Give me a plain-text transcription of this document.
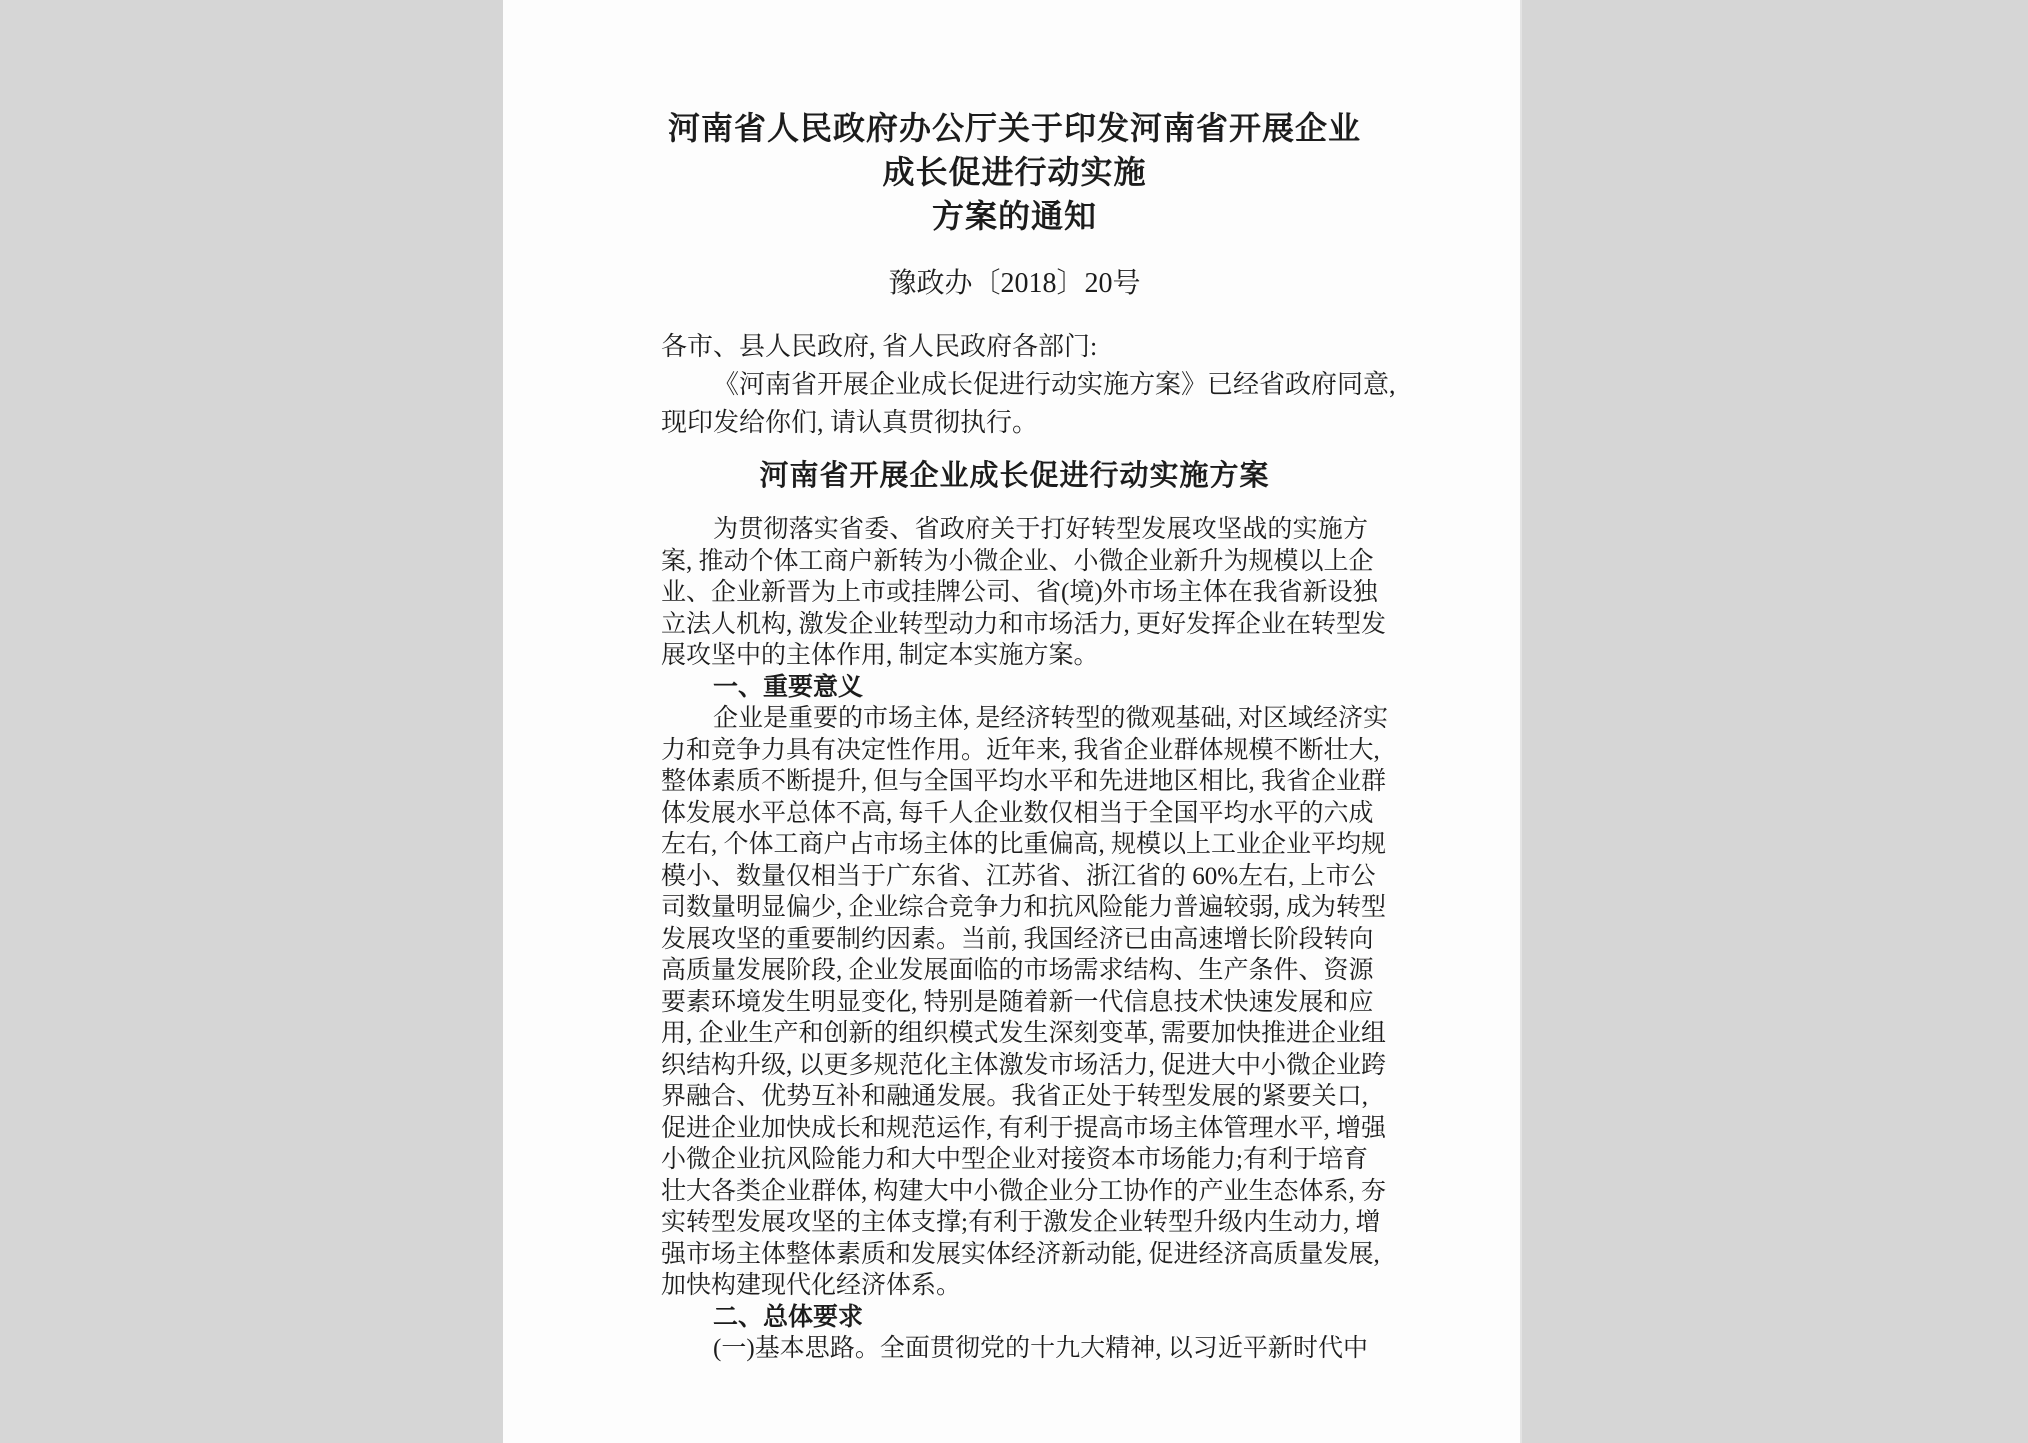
河南省人民政府办公厅关于印发河南省开展企业成长促进行动实施
方案的通知
豫政办〔2018〕20号
各市、县人民政府, 省人民政府各部门:
《河南省开展企业成长促进行动实施方案》已经省政府同意,
现印发给你们, 请认真贯彻执行。
河南省开展企业成长促进行动实施方案
为贯彻落实省委、省政府关于打好转型发展攻坚战的实施方
案, 推动个体工商户新转为小微企业、小微企业新升为规模以上企
业、企业新晋为上市或挂牌公司、省(境)外市场主体在我省新设独
立法人机构, 激发企业转型动力和市场活力, 更好发挥企业在转型发
展攻坚中的主体作用, 制定本实施方案。
一、重要意义
企业是重要的市场主体, 是经济转型的微观基础, 对区域经济实
力和竞争力具有决定性作用。近年来, 我省企业群体规模不断壮大,
整体素质不断提升, 但与全国平均水平和先进地区相比, 我省企业群
体发展水平总体不高, 每千人企业数仅相当于全国平均水平的六成
左右, 个体工商户占市场主体的比重偏高, 规模以上工业企业平均规
模小、数量仅相当于广东省、江苏省、浙江省的 60%左右, 上市公
司数量明显偏少, 企业综合竞争力和抗风险能力普遍较弱, 成为转型
发展攻坚的重要制约因素。当前, 我国经济已由高速增长阶段转向
高质量发展阶段, 企业发展面临的市场需求结构、生产条件、资源
要素环境发生明显变化, 特别是随着新一代信息技术快速发展和应
用, 企业生产和创新的组织模式发生深刻变革, 需要加快推进企业组
织结构升级, 以更多规范化主体激发市场活力, 促进大中小微企业跨
界融合、优势互补和融通发展。我省正处于转型发展的紧要关口,
促进企业加快成长和规范运作, 有利于提高市场主体管理水平, 增强
小微企业抗风险能力和大中型企业对接资本市场能力;有利于培育
壮大各类企业群体, 构建大中小微企业分工协作的产业生态体系, 夯
实转型发展攻坚的主体支撑;有利于激发企业转型升级内生动力, 增
强市场主体整体素质和发展实体经济新动能, 促进经济高质量发展,
加快构建现代化经济体系。
二、总体要求
(一)基本思路。全面贯彻党的十九大精神, 以习近平新时代中
